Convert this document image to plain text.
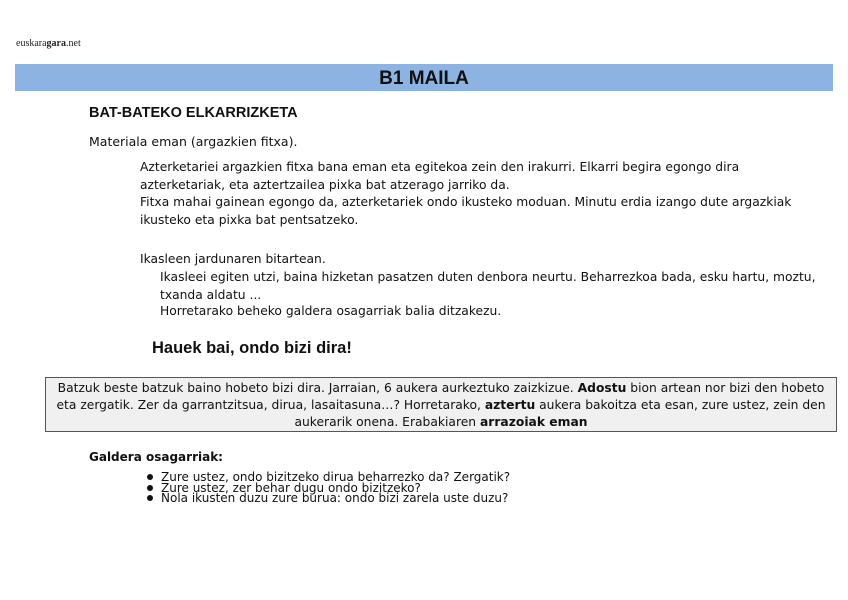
euskaragara.net
B1 MAILA
BAT-BATEKO ELKARRIZKETA
Materiala eman (argazkien fitxa).
Azterketariei argazkien fitxa bana eman eta egitekoa zein den irakurri. Elkarri begira egongo dira azterketariak, eta aztertzailea pixka bat atzerago jarriko da.
Fitxa mahai gainean egongo da, azterketariek ondo ikusteko moduan. Minutu erdia izango dute argazkiak ikusteko eta pixka bat pentsatzeko.
Ikasleen jardunaren bitartean.
Ikasleei egiten utzi, baina hizketan pasatzen duten denbora neurtu. Beharrezkoa bada, esku hartu, moztu, txanda aldatu ...
Horretarako beheko galdera osagarriak balia ditzakezu.
Hauek bai, ondo bizi dira!
Batzuk beste batzuk baino hobeto bizi dira. Jarraian, 6 aukera aurkeztuko zaizkizue. Adostu bion artean nor bizi den hobeto eta zergatik. Zer da garrantzitsua, dirua, lasaitasuna…? Horretarako, aztertu aukera bakoitza eta esan, zure ustez, zein den aukerarik onena. Erabakiaren arrazoiak eman
Galdera osagarriak:
Zure ustez, ondo bizitzeko dirua beharrezko da? Zergatik?
Zure ustez, zer behar dugu ondo bizitzeko?
Nola ikusten duzu zure burua: ondo bizi zarela uste duzu?
